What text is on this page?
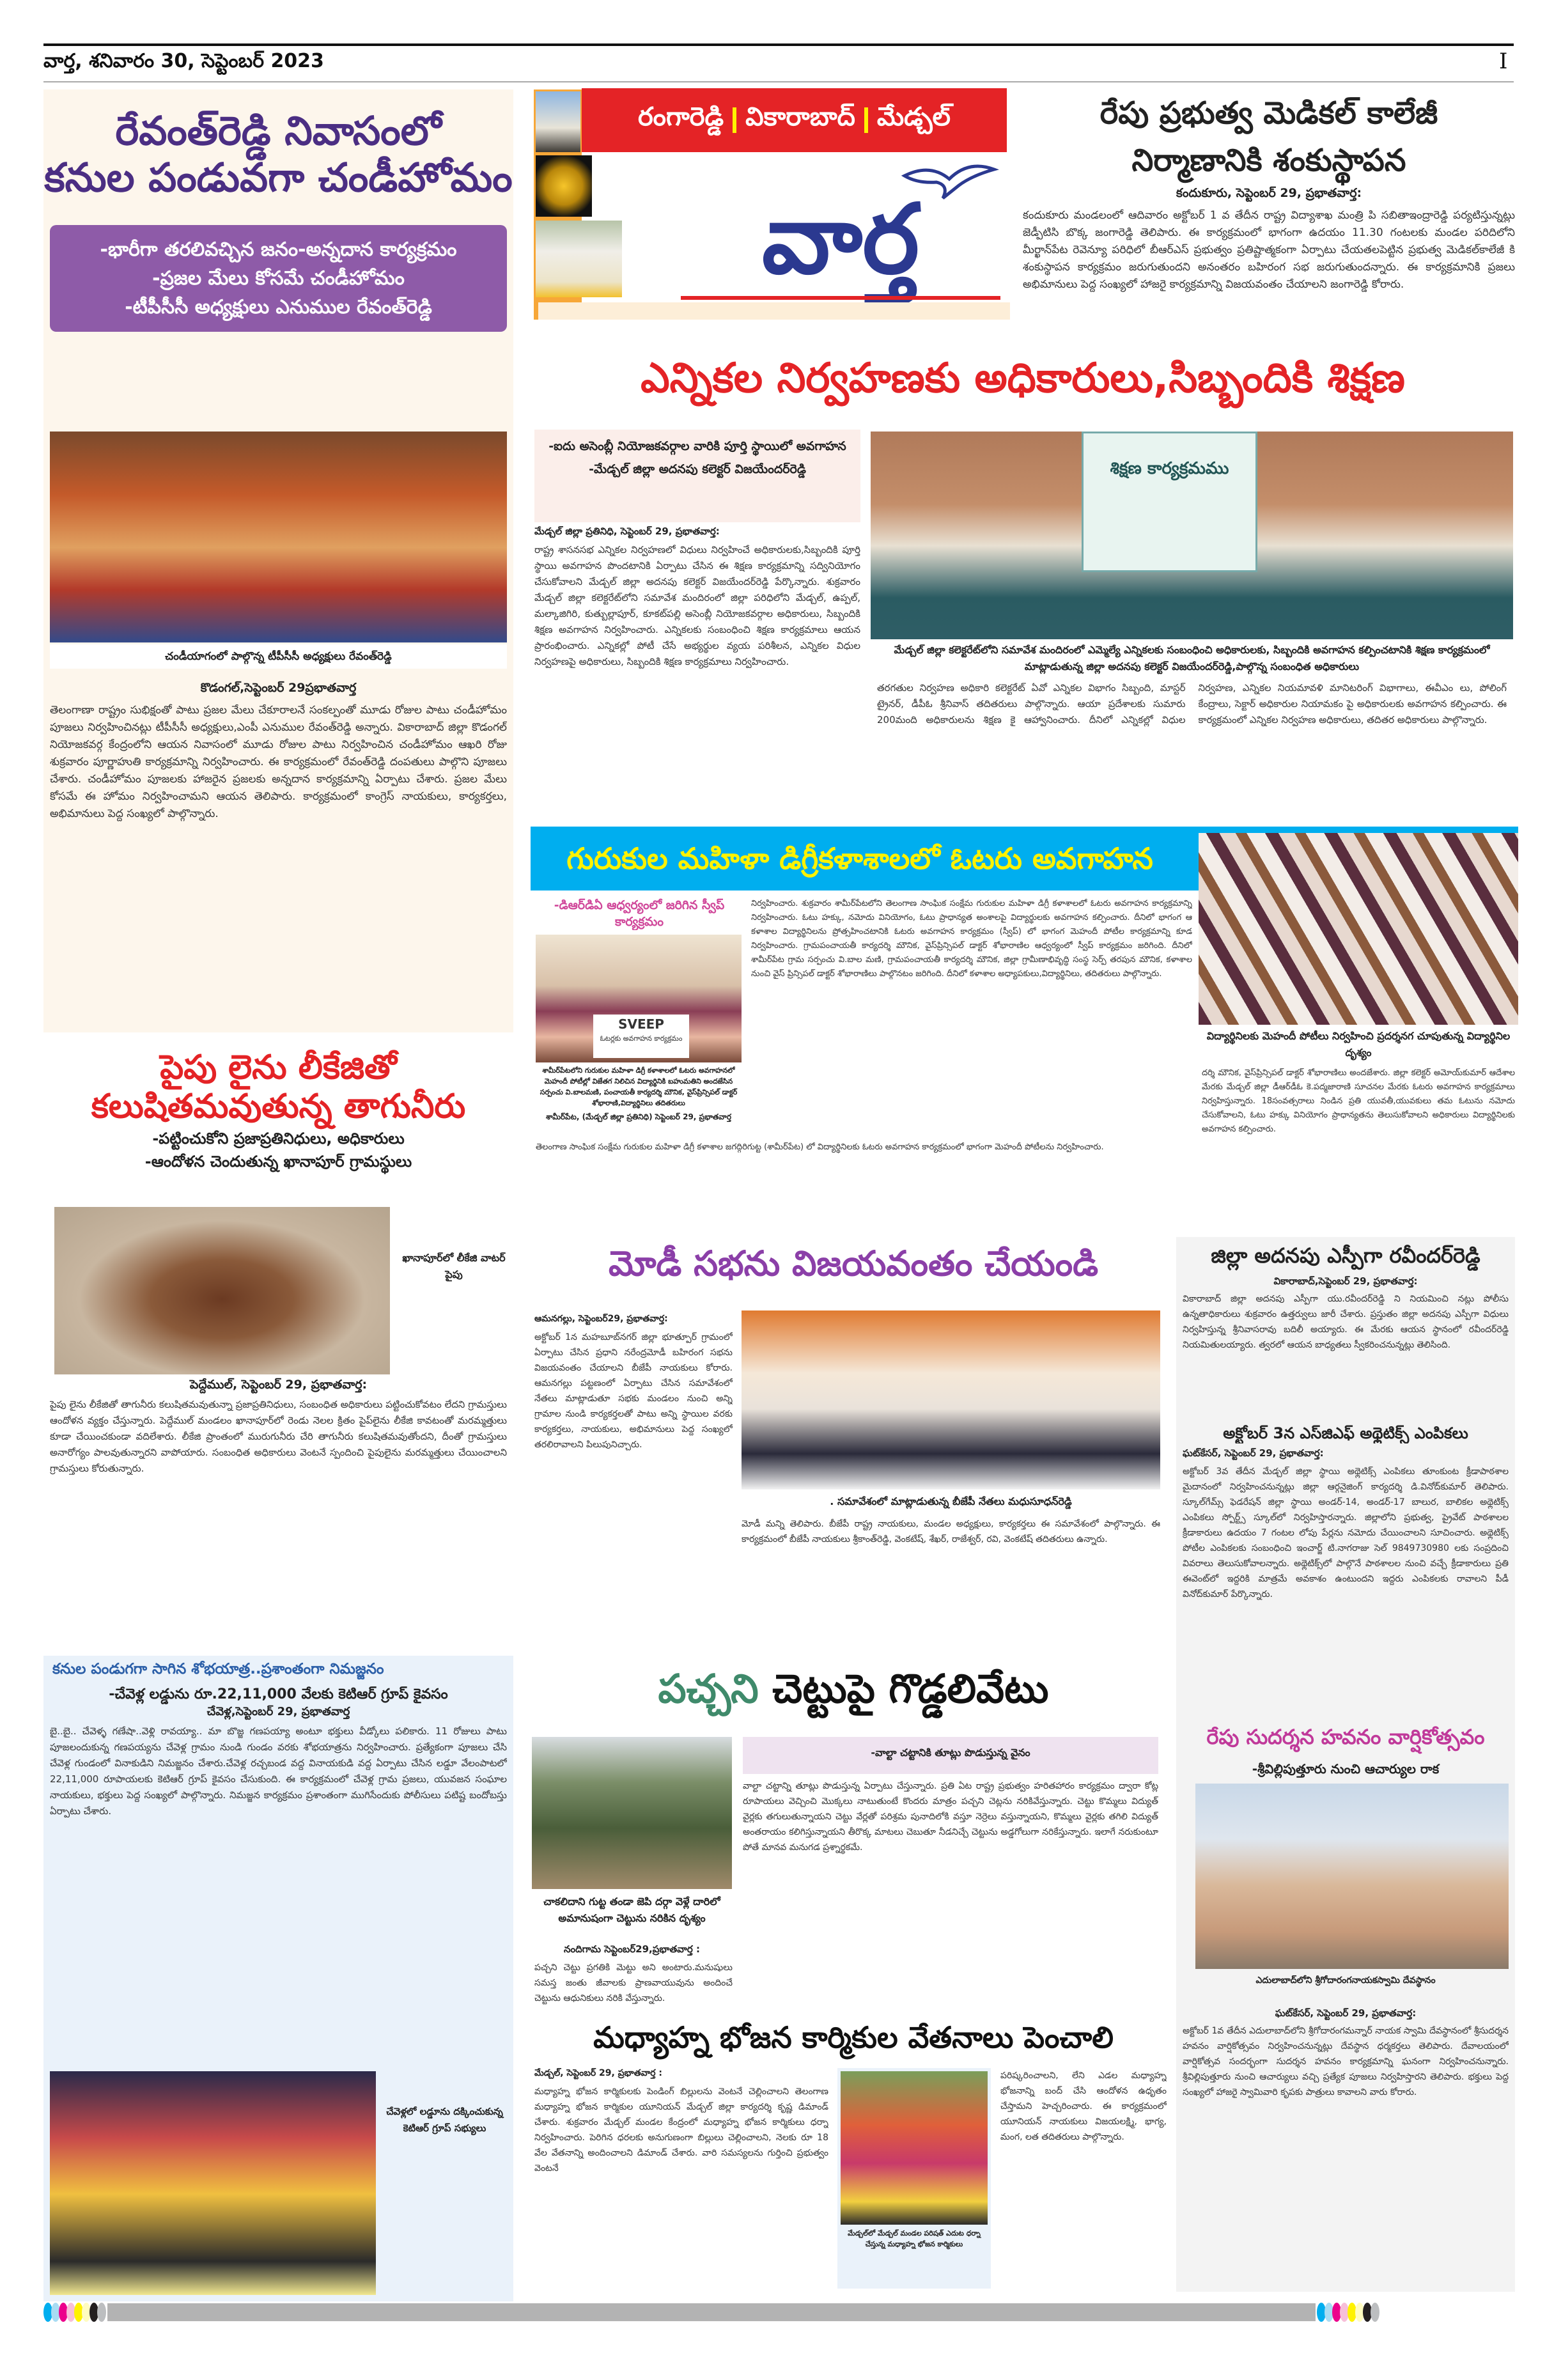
వార్త, శనివారం 30, సెప్టెంబర్ 2023	I
రేవంత్‌రెడ్డి నివాసంలో
కనుల పండువగా చండీహోమం
-భారీగా తరలివచ్చిన జనం-అన్నదాన కార్యక్రమం
-ప్రజల మేలు కోసమే చండీహోమం
-టీపీసీసీ అధ్యక్షులు ఎనుముల రేవంత్‌రెడ్డి
చండీయాగంలో పాల్గొన్న టీపీసీసీ అధ్యక్షులు రేవంత్‌రెడ్డి
కొడంగల్,సెప్టెంబర్ 29ప్రభాతవార్త
తెలంగాణా రాష్ట్రం సుభిక్షంతో పాటు ప్రజల మేలు చేకూరాలనే సంకల్పంతో మూడు రోజుల పాటు చండీహోమం పూజలు నిర్వహించినట్లు టీపీసీసీ అధ్యక్షులు,ఎంపీ ఎనుముల రేవంత్‌రెడ్డి అన్నారు. వికారాబాద్ జిల్లా కొడంగల్ నియోజకవర్గ కేంద్రంలోని ఆయన నివాసంలో మూడు రోజుల పాటు నిర్వహించిన చండీహోమం ఆఖరి రోజు శుక్రవారం పూర్ణాహుతి కార్యక్రమాన్ని నిర్వహించారు. ఈ కార్యక్రమంలో రేవంత్‌రెడ్డి దంపతులు పాల్గొని పూజలు చేశారు. చండీహోమం పూజలకు హాజరైన ప్రజలకు అన్నదాన కార్యక్రమాన్ని ఏర్పాటు చేశారు. ప్రజల మేలు కోసమే ఈ హోమం నిర్వహించామని ఆయన తెలిపారు. కార్యక్రమంలో కాంగ్రెస్ నాయకులు, కార్యకర్తలు, అభిమానులు పెద్ద సంఖ్యలో పాల్గొన్నారు.
రంగారెడ్డి వికారాబాద్ మేడ్చల్
వార్త
రేపు ప్రభుత్వ మెడికల్ కాలేజీ
నిర్మాణానికి శంకుస్థాపన
కందుకూరు, సెప్టెంబర్ 29, ప్రభాతవార్త:
కందుకూరు మండలంలో ఆదివారం అక్టోబర్ 1 వ తేదీన రాష్ట్ర విద్యాశాఖ మంత్రి పి సబితాఇంద్రారెడ్డి పర్యటిస్తున్నట్లు జెడ్పీటిసి బొక్క జంగారెడ్డి తెలిపారు. ఈ కార్యక్రమంలో భాగంగా ఉదయం 11.30 గంటలకు మండల పరిదిలోని మీర్ఖాన్‌పేట రెవెన్యూ పరిధిలో బీఆర్‌ఎస్ ప్రభుత్వం ప్రతిష్టాత్మకంగా ఏర్పాటు చేయతలపెట్టిన ప్రభుత్వ మెడికల్‌కాలేజీ కి శంకుస్థాపన కార్యక్రమం జరుగుతుందని అనంతరం బహిరంగ సభ జరుగుతుందన్నారు. ఈ కార్యక్రమానికి ప్రజలు అభిమానులు పెద్ద సంఖ్యలో హాజరై కార్యక్రమాన్ని విజయవంతం చేయాలని జంగారెడ్డి కోరారు.
ఎన్నికల నిర్వహణకు అధికారులు,సిబ్బందికి శిక్షణ
-ఐదు అసెంబ్లీ నియోజకవర్గాల వారికి పూర్తి స్థాయిలో అవగాహన
-మేడ్చల్ జిల్లా అదనపు కలెక్టర్ విజయేందర్‌రెడ్డి
మేడ్చల్ జిల్లా ప్రతినిధి, సెప్టెంబర్ 29, ప్రభాతవార్త:
రాష్ట్ర శాసనసభ ఎన్నికల నిర్వహణలో విధులు నిర్వహించే అధికారులకు,సిబ్బందికి పూర్తి స్థాయి అవగాహన పొందటానికి ఏర్పాటు చేసిన ఈ శిక్షణ కార్యక్రమాన్ని సద్వినియోగం చేసుకోవాలని మేడ్చల్ జిల్లా అదనపు కలెక్టర్ విజయేందర్‌రెడ్డి పేర్కొన్నారు. శుక్రవారం మేడ్చల్ జిల్లా కలెక్టరేట్‌లోని సమావేశ మందిరంలో జిల్లా పరిధిలోని మేడ్చల్, ఉప్పల్, మల్కాజిగిరి, కుత్బుల్లాపూర్, కూకట్‌పల్లి అసెంబ్లీ నియోజకవర్గాల అధికారులు, సిబ్బందికి శిక్షణ అవగాహన నిర్వహించారు. ఎన్నికలకు సంబంధించి శిక్షణ కార్యక్రమాలు ఆయన ప్రారంభించారు. ఎన్నికల్లో పోటీ చేసే అభ్యర్థుల వ్యయ పరిశీలన, ఎన్నికల విధుల నిర్వహణపై అధికారులు, సిబ్బందికి శిక్షణ కార్యక్రమాలు నిర్వహించారు.
శిక్షణ కార్యక్రమము
మేడ్చల్ జిల్లా కలెక్టరేట్‌లోని సమావేశ మందిరంలో ఎమ్మెల్యే ఎన్నికలకు సంబంధించి అధికారులకు, సిబ్బందికి అవగాహన కల్పించటానికి శిక్షణ కార్యక్రమంలో మాట్లాడుతున్న జిల్లా అదనపు కలెక్టర్ విజయేందర్‌రెడ్డి,పాల్గొన్న సంబంధిత అధికారులు
తరగతుల నిర్వహణ అధికారి కలెక్టరేట్ ఏవో ఎన్నికల విభాగం సిబ్బంది, మాస్టర్ ట్రైనర్, డీపీఓ శ్రీనివాస్ తదితరులు పాల్గొన్నారు. ఆయా ప్రదేశాలకు సుమారు 200మంది అధికారులను శిక్షణ కై ఆహ్వానించారు. దీనిలో ఎన్నికల్లో విధుల నిర్వహణ, ఎన్నికల నియమావళి మానిటరింగ్ విభాగాలు, ఈవీఎం లు, పోలింగ్ కేంద్రాలు, సెక్టార్ అధికారుల నియామకం పై అధికారులకు అవగాహన కల్పించారు. ఈ కార్యక్రమంలో ఎన్నికల నిర్వహణ అధికారులు, తదితర అధికారులు పాల్గొన్నారు.
గురుకుల మహిళా డిగ్రీకళాశాలలో ఓటరు అవగాహన
విద్యార్థినిలకు మెహందీ పోటీలు నిర్వహించి ప్రదర్శనగ చూపుతున్న విద్యార్థినిల దృశ్యం
-డిఆర్‌డిఏ ఆధ్వర్యంలో జరిగిన స్వీప్ కార్యక్రమం
SVEEP
ఓటర్లకు అవగాహన కార్యక్రమం
శామీర్‌పేటలోని గురుకుల మహిళా డిగ్రీ కళాశాలలో ఓటరు అవగాహనలో మెహందీ పోటీల్లో విజేతగ నిలిచిన విద్యార్థినికి బహుమతిని అందజేసిన సర్పంచు వి.బాలమణి, పంచాయతీ కార్యదర్శి మౌనిక, వైస్‌ప్రిన్సిపల్ డాక్టర్ శోభారాణి,విద్యార్థినిలు తదితరులు
శామీర్‌పేట, (మేడ్చల్ జిల్లా ప్రతినిధి) సెప్టెంబర్ 29, ప్రభాతవార్త
నిర్వహించారు. శుక్రవారం శామీర్‌పేటలోని తెలంగాణ సాంఘిక సంక్షేమ గురుకుల మహిళా డిగ్రీ కళాశాలలో ఓటరు అవగాహన కార్యక్రమాన్ని నిర్వహించారు. ఓటు హక్కు, నమోదు వినియోగం, ఓటు ప్రాధాన్యత అంశాలపై విద్యార్థులకు అవగాహన కల్పించారు. దీనిలో భాగంగ ఆ కళాశాల విద్యార్థినిలను ప్రోత్సహించటానికి ఓటరు అవగాహన కార్యక్రమం (స్వీప్) లో భాగంగ మెహందీ పోటీల కార్యక్రమాన్ని కూడ నిర్వహించారు. గ్రామపంచాయతీ కార్యదర్శి మౌనిక, వైస్‌ప్రిన్సిపల్ డాక్టర్ శోభారాణిల ఆధ్వర్యంలో స్వీప్ కార్యక్రమం జరిగింది. దీనిలో శామీర్‌పేట గ్రామ సర్పంచు వి.బాల మణి, గ్రామపంచాయతీ కార్యదర్శి మౌనిక, జిల్లా గ్రామీణాభివృద్ధి సంస్థ సెర్ప్ తరపున మౌనిక, కళాశాల నుంచి వైస్ ప్రిన్సిపల్ డాక్టర్ శోభారాణిలు పాల్గొనటం జరిగింది. దీనిలో కళాశాల అధ్యాపకులు,విద్యార్థినిలు, తదితరులు పాల్గొన్నారు.
తెలంగాణ సాంఘిక సంక్షేమ గురుకుల మహిళా డిగ్రీ కళాశాల జగద్గిరిగుట్ట (శామీర్‌పేట) లో విద్యార్థినిలకు ఓటరు అవగాహన కార్యక్రమంలో భాగంగా మెహందీ పోటీలను నిర్వహించారు.
దర్శి మౌనిక, వైస్‌ప్రిన్సిపల్ డాక్టర్ శోభారాణిలు అందజేశారు. జిల్లా కలెక్టర్ అమోయ్‌కుమార్ ఆదేశాల మేరకు మేడ్చల్ జిల్లా డీఆర్‌డీఓ కె.పద్మజారాణి సూచనల మేరకు ఓటరు అవగాహన కార్యక్రమాలు నిర్వహిస్తున్నారు. 18సంవత్సరాలు నిండిన ప్రతి యువతీ,యువకులు తమ ఓటును నమోదు చేసుకోవాలని, ఓటు హక్కు వినియోగం ప్రాధాన్యతను తెలుసుకోవాలని అధికారులు విద్యార్థినిలకు అవగాహన కల్పించారు.
పైపు లైను లీకేజితో
కలుషితమవుతున్న తాగునీరు
-పట్టించుకోని ప్రజాప్రతినిధులు, అధికారులు
-ఆందోళన చెందుతున్న ఖానాపూర్ గ్రామస్థులు
ఖానాపూర్‌లో లీకేజి వాటర్ పైపు
పెద్దేముల్, సెప్టెంబర్ 29, ప్రభాతవార్త:
పైపు లైను లీకేజితో తాగునీరు కలుషితమవుతున్నా ప్రజాప్రతినిధులు, సంబంధిత అధికారులు పట్టించుకోవటం లేదని గ్రామస్తులు ఆందోళన వ్యక్తం చేస్తున్నారు. పెద్దేముల్ మండలం ఖానాపూర్‌లో రెండు నెలల క్రితం పైప్‌లైను లీకేజి కావటంతో మరమ్మత్తులు కూడా చేయించకుండా వదిలేశారు. లీకేజి ప్రాంతంలో మురుగునీరు చేరి తాగునీరు కలుషితమవుతోందని, దీంతో గ్రామస్తులు అనారోగ్యం పాలవుతున్నారని వాపోయారు. సంబంధిత అధికారులు వెంటనే స్పందించి పైపులైను మరమ్మత్తులు చేయించాలని గ్రామస్తులు కోరుతున్నారు.
కనుల పండుగగా సాగిన శోభయాత్ర..ప్రశాంతంగా నిమజ్జనం
-చేవెళ్ల లడ్డును రూ.22,11,000 వేలకు కెటిఆర్ గ్రూప్ కైవసం
చేవెళ్ల,సెప్టెంబర్ 29, ప్రభాతవార్త
బై..బై.. చేవెళ్ళ గణేషా..వెళ్లి రావయ్యా.. మా బొజ్జ గణపయ్యా అంటూ భక్తులు వీడ్కోలు పలికారు. 11 రోజులు పాటు పూజలందుకున్న గణపయ్యను చేవెళ్ల గ్రామం నుండి గుండం వరకు శోభయాత్రను నిర్వహించారు. ప్రత్యేకంగా పూజలు చేసి చేవెళ్ల గుండంలో వినాకుడిని నిమజ్జనం చేశారు.చేవెళ్ల రచ్చబండ వద్ద వినాయకుడి వద్ద ఏర్పాటు చేసిన లడ్డూ వేలంపాటలో 22,11,000 రూపాయలకు కెటిఆర్ గ్రూప్ కైవసం చేసుకుంది. ఈ కార్యక్రమంలో చేవెళ్ల గ్రామ ప్రజలు, యువజన సంఘాల నాయకులు, భక్తులు పెద్ద సంఖ్యలో పాల్గొన్నారు. నిమజ్జన కార్యక్రమం ప్రశాంతంగా ముగిసేందుకు పోలీసులు పటిష్ట బందోబస్తు ఏర్పాటు చేశారు.
చేవెళ్లలో లడ్డూను దక్కించుకున్న కెటిఆర్ గ్రూప్ సభ్యులు
మోడీ సభను విజయవంతం చేయండి
ఆమనగల్లు, సెప్టెంబర్29, ప్రభాతవార్త:
అక్టోబర్ 1న మహబూబ్‌నగర్ జిల్లా భూత్పూర్ గ్రామంలో ఏర్పాటు చేసిన ప్రధాని నరేంద్రమోడీ బహిరంగ సభను విజయవంతం చేయాలని బీజేపీ నాయకులు కోరారు. ఆమనగల్లు పట్టణంలో ఏర్పాటు చేసిన సమావేశంలో నేతలు మాట్లాడుతూ సభకు మండలం నుంచి అన్ని గ్రామాల నుండి కార్యకర్తలతో పాటు అన్ని స్థాయిల వరకు కార్యకర్తలు, నాయకులు, అభిమానులు పెద్ద సంఖ్యలో తరలిరావాలని పిలుపునిచ్చారు.
. సమావేశంలో మాట్లాడుతున్న బీజేపీ నేతలు మధుసూధన్‌రెడ్డి
మోడీ మన్ని తెలిపారు. బీజేపీ రాష్ట్ర నాయకులు, మండల అధ్యక్షులు, కార్యకర్తలు ఈ సమావేశంలో పాల్గొన్నారు. ఈ కార్యక్రమంలో బీజేపీ నాయకులు శ్రీకాంత్‌రెడ్డి, వెంకటేష్, శేఖర్, రాజేశ్వర్, రవి, వెంకటేష్ తదితరులు ఉన్నారు.
జిల్లా అదనపు ఎస్పీగా రవీందర్‌రెడ్డి
వికారాబాద్,సెప్టెంబర్ 29, ప్రభాతవార్త:
వికారాబాద్ జిల్లా అదనపు ఎస్పీగా యు.రవీందర్‌రెడ్డి ని నియమించి నట్లు పోలీసు ఉన్నతాధికారులు శుక్రవారం ఉత్తర్వులు జారీ చేశారు. ప్రస్తుతం జిల్లా అదనపు ఎస్పీగా విధులు నిర్వహిస్తున్న శ్రీనివాసరావు బదిలీ అయ్యారు. ఈ మేరకు ఆయన స్థానంలో రవీందర్‌రెడ్డి నియమితులయ్యారు. త్వరలో ఆయన బాధ్యతలు స్వీకరించనున్నట్లు తెలిసింది.
అక్టోబర్ 3న ఎస్‌జిఎఫ్ అథ్లెటిక్స్ ఎంపికలు
ఘట్‌కేసర్, సెప్టెంబర్ 29, ప్రభాతవార్త:
అక్టోబర్ 3వ తేదీన మేడ్చల్ జిల్లా స్థాయి అథ్లెటిక్స్ ఎంపికలు తూంకుంట క్రీడాపాఠశాల మైదానంలో నిర్వహించనున్నట్లు జిల్లా ఆర్గనైజింగ్ కార్యదర్శి డి.వినోద్‌కుమార్ తెలిపారు. స్కూల్‌గేమ్స్ ఫెడరేషన్ జిల్లా స్థాయి అండర్-14, అండర్-17 బాలుర, బాలికల అథ్లెటిక్స్ ఎంపికలు స్పోర్ట్స్ స్కూల్‌లో నిర్వహిస్తారన్నారు. జిల్లాలోని ప్రభుత్వ, ప్రైవేట్ పాఠశాలల క్రీడాకారులు ఉదయం 7 గంటల లోపు పేర్లను నమోదు చేయించాలని సూచించారు. అథ్లెటిక్స్ పోటీల ఎంపికలకు సంబంధించి ఇంచార్జ్ టి.నాగరాజు సెల్ 9849730980 లకు సంప్రదించి వివరాలు తెలుసుకోవాలన్నారు. అథ్లెటిక్స్‌లో పాల్గొనే పాఠశాలల నుంచి వచ్చే క్రీడాకారులు ప్రతి ఈవెంట్‌లో ఇద్దరికి మాత్రమే అవకాశం ఉంటుందని ఇద్దరు ఎంపికలకు రావాలని పీడీ వినోద్‌కుమార్ పేర్కొన్నారు.
రేపు సుదర్శన హవనం వార్షికోత్సవం
-శ్రీవిల్లిపుత్తూరు నుంచి ఆచార్యుల రాక
ఎదులాబాద్‌లోని శ్రీగోదారంగనాయకస్వామి దేవస్థానం
ఘట్‌కేసర్, సెప్టెంబర్ 29, ప్రభాతవార్త:
అక్టోబర్ 1వ తేదీన ఎదులాబాద్‌లోని శ్రీగోదారంగమన్నార్ నాయక స్వామి దేవస్థానంలో శ్రీసుదర్శన హవనం వార్షికోత్సవం నిర్వహించనున్నట్లు దేవస్థాన ధర్మకర్తలు తెలిపారు. దేవాలయంలో వార్షికోత్సవ సందర్భంగా సుదర్శన హవనం కార్యక్రమాన్ని ఘనంగా నిర్వహించనున్నారు. శ్రీవిల్లిపుత్తూరు నుంచి ఆచార్యులు వచ్చి ప్రత్యేక పూజలు నిర్వహిస్తారని తెలిపారు. భక్తులు పెద్ద సంఖ్యలో హాజరై స్వామివారి కృపకు పాత్రులు కావాలని వారు కోరారు.
పచ్చని చెట్టుపై గొడ్డలివేటు
చాకలిదాని గుట్ట తండా జెపి దర్గా వెళ్లే దారిలో అమానుషంగా చెట్టును నరికిన దృశ్యం
నందిగామ సెప్టెంబర్29,ప్రభాతవార్త :
పచ్చని చెట్టు ప్రగతికి మెట్టు అని అంటారు.మనుషులు సమస్త జంతు జీవాలకు ప్రాణవాయువును అందించే చెట్టును ఆధునికులు నరికి వేస్తున్నారు.
-వాల్టా చట్టానికి తూట్లు పొడుస్తున్న వైనం
వాల్టా చట్టాన్ని తూట్లు పొడుస్తున్న ఏర్పాటు చేస్తున్నారు. ప్రతి ఏట రాష్ట్ర ప్రభుత్వం హరితహారం కార్యక్రమం ద్వారా కోట్ల రూపాయలు వెచ్చించి మొక్కలు నాటుతుంటే కొందరు మాత్రం పచ్చని చెట్లను నరికివేస్తున్నారు. చెట్టు కొమ్మలు విద్యుత్ వైర్లకు తగులుతున్నాయని చెట్టు వేర్లతో పరిశ్రమ పునాదిలోకి వస్తూ నెర్రెలు వస్తున్నాయని, కొమ్మలు వైర్లకు తగిలి విద్యుత్ అంతరాయం కలిగిస్తున్నాయని తీరొక్క మాటలు చెబుతూ నీడనిచ్చే చెట్టును అడ్డగోలుగా నరికేస్తున్నారు. ఇలాగే నరుకుంటూ పోతే మానవ మనుగడ ప్రశ్నార్థకమే.
మధ్యాహ్న భోజన కార్మికుల వేతనాలు పెంచాలి
మేడ్చల్, సెప్టెంబర్ 29, ప్రభాతవార్త :
మధ్యాహ్న భోజన కార్మికులకు పెండింగ్ బిల్లులను వెంటనే చెల్లించాలని తెలంగాణ మధ్యాహ్న భోజన కార్మికుల యూనియన్ మేడ్చల్ జిల్లా కార్యదర్శి కృష్ణ డిమాండ్ చేశారు. శుక్రవారం మేడ్చల్ మండల కేంద్రంలో మధ్యాహ్న భోజన కార్మికులు ధర్నా నిర్వహించారు. పెరిగిన ధరలకు అనుగుణంగా బిల్లులు చెల్లించాలని, నెలకు రూ 18 వేల వేతనాన్ని అందించాలని డిమాండ్ చేశారు. వారి సమస్యలను గుర్తించి ప్రభుత్వం వెంటనే
మేడ్చల్‌లో మేడ్చల్ మండల పరిషత్ ఎదుట ధర్నా చేస్తున్న మధ్యాహ్న భోజన కార్మికులు
పరిష్కరించాలని, లేని ఎడల మధ్యాహ్న భోజనాన్ని బంద్ చేసి ఆందోళన ఉధృతం చేస్తామని హెచ్చరించారు. ఈ కార్యక్రమంలో యూనియన్ నాయకులు విజయలక్ష్మి, భాగ్య, మంగ, లత తదితరులు పాల్గొన్నారు.
